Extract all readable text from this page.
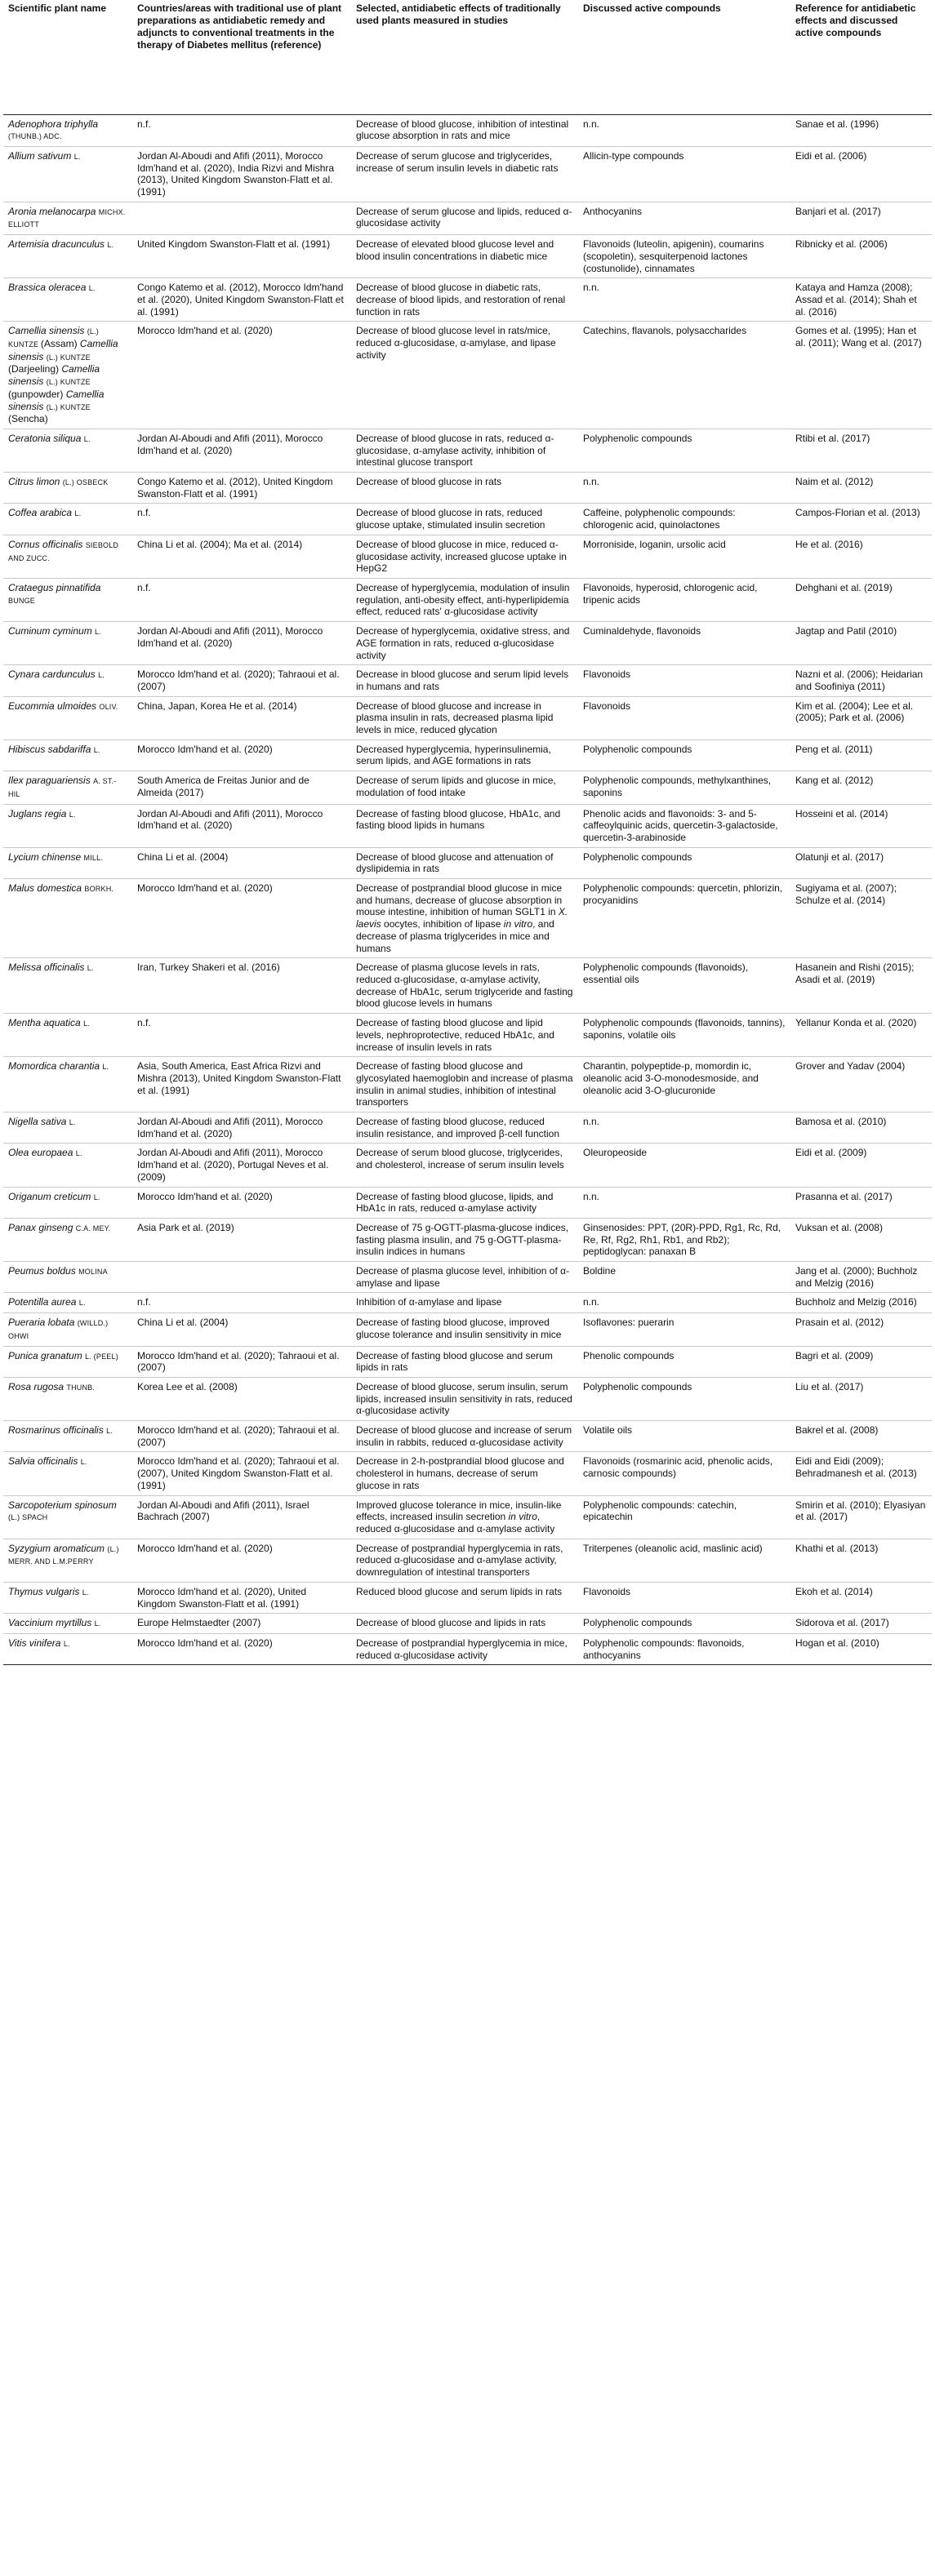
Scientific plant name	Countries/areas with traditional use of plant preparations as antidiabetic remedy and adjuncts to conventional treatments in the therapy of Diabetes mellitus (reference)	Selected, antidiabetic effects of traditionally used plants measured in studies	Discussed active compounds	Reference for antidiabetic effects and discussed active compounds
Adenophora triphylla (THUNB.) ADC.	n.f.	Decrease of blood glucose, inhibition of intestinal glucose absorption in rats and mice	n.n.	Sanae et al. (1996)
Allium sativum L.	Jordan Al-Aboudi and Afifi (2011), Morocco Idm'hand et al. (2020), India Rizvi and Mishra (2013), United Kingdom Swanston-Flatt et al. (1991)	Decrease of serum glucose and triglycerides, increase of serum insulin levels in diabetic rats	Allicin-type compounds	Eidi et al. (2006)
Aronia melanocarpa MICHX. ELLIOTT		Decrease of serum glucose and lipids, reduced α-glucosidase activity	Anthocyanins	Banjari et al. (2017)
Artemisia dracunculus L.	United Kingdom Swanston-Flatt et al. (1991)	Decrease of elevated blood glucose level and blood insulin concentrations in diabetic mice	Flavonoids (luteolin, apigenin), coumarins (scopoletin), sesquiterpenoid lactones (costunolide), cinnamates	Ribnicky et al. (2006)
Brassica oleracea L.	Congo Katemo et al. (2012), Morocco Idm'hand et al. (2020), United Kingdom Swanston-Flatt et al. (1991)	Decrease of blood glucose in diabetic rats, decrease of blood lipids, and restoration of renal function in rats	n.n.	Kataya and Hamza (2008); Assad et al. (2014); Shah et al. (2016)
Camellia sinensis (L.) KUNTZE (Assam) Camellia sinensis (L.) KUNTZE (Darjeeling) Camellia sinensis (L.) KUNTZE (gunpowder) Camellia sinensis (L.) KUNTZE (Sencha)	Morocco Idm'hand et al. (2020)	Decrease of blood glucose level in rats/mice, reduced α-glucosidase, α-amylase, and lipase activity	Catechins, flavanols, polysaccharides	Gomes et al. (1995); Han et al. (2011); Wang et al. (2017)
Ceratonia siliqua L.	Jordan Al-Aboudi and Afifi (2011), Morocco Idm'hand et al. (2020)	Decrease of blood glucose in rats, reduced α-glucosidase, α-amylase activity, inhibition of intestinal glucose transport	Polyphenolic compounds	Rtibi et al. (2017)
Citrus limon (L.) OSBECK	Congo Katemo et al. (2012), United Kingdom Swanston-Flatt et al. (1991)	Decrease of blood glucose in rats	n.n.	Naim et al. (2012)
Coffea arabica L.	n.f.	Decrease of blood glucose in rats, reduced glucose uptake, stimulated insulin secretion	Caffeine, polyphenolic compounds: chlorogenic acid, quinolactones	Campos-Florian et al. (2013)
Cornus officinalis SIEBOLD AND ZUCC.	China Li et al. (2004); Ma et al. (2014)	Decrease of blood glucose in mice, reduced α-glucosidase activity, increased glucose uptake in HepG2	Morroniside, loganin, ursolic acid	He et al. (2016)
Crataegus pinnatifida BUNGE	n.f.	Decrease of hyperglycemia, modulation of insulin regulation, anti-obesity effect, anti-hyperlipidemia effect, reduced rats' α-glucosidase activity	Flavonoids, hyperosid, chlorogenic acid, tripenic acids	Dehghani et al. (2019)
Cuminum cyminum L.	Jordan Al-Aboudi and Afifi (2011), Morocco Idm'hand et al. (2020)	Decrease of hyperglycemia, oxidative stress, and AGE formation in rats, reduced α-glucosidase activity	Cuminaldehyde, flavonoids	Jagtap and Patil (2010)
Cynara cardunculus L.	Morocco Idm'hand et al. (2020); Tahraoui et al. (2007)	Decrease in blood glucose and serum lipid levels in humans and rats	Flavonoids	Nazni et al. (2006); Heidarian and Soofiniya (2011)
Eucommia ulmoides OLIV.	China, Japan, Korea He et al. (2014)	Decrease of blood glucose and increase in plasma insulin in rats, decreased plasma lipid levels in mice, reduced glycation	Flavonoids	Kim et al. (2004); Lee et al. (2005); Park et al. (2006)
Hibiscus sabdariffa L.	Morocco Idm'hand et al. (2020)	Decreased hyperglycemia, hyperinsulinemia, serum lipids, and AGE formations in rats	Polyphenolic compounds	Peng et al. (2011)
Ilex paraguariensis A. ST.-HIL	South America de Freitas Junior and de Almeida (2017)	Decrease of serum lipids and glucose in mice, modulation of food intake	Polyphenolic compounds, methylxanthines, saponins	Kang et al. (2012)
Juglans regia L.	Jordan Al-Aboudi and Afifi (2011), Morocco Idm'hand et al. (2020)	Decrease of fasting blood glucose, HbA1c, and fasting blood lipids in humans	Phenolic acids and flavonoids: 3- and 5-caffeoylquinic acids, quercetin-3-galactoside, quercetin-3-arabinoside	Hosseini et al. (2014)
Lycium chinense MILL.	China Li et al. (2004)	Decrease of blood glucose and attenuation of dyslipidemia in rats	Polyphenolic compounds	Olatunji et al. (2017)
Malus domestica BORKH.	Morocco Idm'hand et al. (2020)	Decrease of postprandial blood glucose in mice and humans, decrease of glucose absorption in mouse intestine, inhibition of human SGLT1 in X. laevis oocytes, inhibition of lipase in vitro, and decrease of plasma triglycerides in mice and humans	Polyphenolic compounds: quercetin, phlorizin, procyanidins	Sugiyama et al. (2007); Schulze et al. (2014)
Melissa officinalis L.	Iran, Turkey Shakeri et al. (2016)	Decrease of plasma glucose levels in rats, reduced α-glucosidase, α-amylase activity, decrease of HbA1c, serum triglyceride and fasting blood glucose levels in humans	Polyphenolic compounds (flavonoids), essential oils	Hasanein and Rishi (2015); Asadi et al. (2019)
Mentha aquatica L.	n.f.	Decrease of fasting blood glucose and lipid levels, nephroprotective, reduced HbA1c, and increase of insulin levels in rats	Polyphenolic compounds (flavonoids, tannins), saponins, volatile oils	Yellanur Konda et al. (2020)
Momordica charantia L.	Asia, South America, East Africa Rizvi and Mishra (2013), United Kingdom Swanston-Flatt et al. (1991)	Decrease of fasting blood glucose and glycosylated haemoglobin and increase of plasma insulin in animal studies, inhibition of intestinal transporters	Charantin, polypeptide-p, momordin ic, oleanolic acid 3-O-monodesmoside, and oleanolic acid 3-O-glucuronide	Grover and Yadav (2004)
Nigella sativa L.	Jordan Al-Aboudi and Afifi (2011), Morocco Idm'hand et al. (2020)	Decrease of fasting blood glucose, reduced insulin resistance, and improved β-cell function	n.n.	Bamosa et al. (2010)
Olea europaea L.	Jordan Al-Aboudi and Afifi (2011), Morocco Idm'hand et al. (2020), Portugal Neves et al. (2009)	Decrease of serum blood glucose, triglycerides, and cholesterol, increase of serum insulin levels	Oleuropeoside	Eidi et al. (2009)
Origanum creticum L.	Morocco Idm'hand et al. (2020)	Decrease of fasting blood glucose, lipids, and HbA1c in rats, reduced α-amylase activity	n.n.	Prasanna et al. (2017)
Panax ginseng C.A. MEY.	Asia Park et al. (2019)	Decrease of 75 g-OGTT-plasma-glucose indices, fasting plasma insulin, and 75 g-OGTT-plasma-insulin indices in humans	Ginsenosides: PPT, (20R)-PPD, Rg1, Rc, Rd, Re, Rf, Rg2, Rh1, Rb1, and Rb2); peptidoglycan: panaxan B	Vuksan et al. (2008)
Peumus boldus MOLINA		Decrease of plasma glucose level, inhibition of α-amylase and lipase	Boldine	Jang et al. (2000); Buchholz and Melzig (2016)
Potentilla aurea L.	n.f.	Inhibition of α-amylase and lipase	n.n.	Buchholz and Melzig (2016)
Pueraria lobata (WILLD.) OHWI	China Li et al. (2004)	Decrease of fasting blood glucose, improved glucose tolerance and insulin sensitivity in mice	Isoflavones: puerarin	Prasain et al. (2012)
Punica granatum L. (PEEL)	Morocco Idm'hand et al. (2020); Tahraoui et al. (2007)	Decrease of fasting blood glucose and serum lipids in rats	Phenolic compounds	Bagri et al. (2009)
Rosa rugosa THUNB.	Korea Lee et al. (2008)	Decrease of blood glucose, serum insulin, serum lipids, increased insulin sensitivity in rats, reduced α-glucosidase activity	Polyphenolic compounds	Liu et al. (2017)
Rosmarinus officinalis L.	Morocco Idm'hand et al. (2020); Tahraoui et al. (2007)	Decrease of blood glucose and increase of serum insulin in rabbits, reduced α-glucosidase activity	Volatile oils	Bakrel et al. (2008)
Salvia officinalis L.	Morocco Idm'hand et al. (2020); Tahraoui et al. (2007), United Kingdom Swanston-Flatt et al. (1991)	Decrease in 2-h-postprandial blood glucose and cholesterol in humans, decrease of serum glucose in rats	Flavonoids (rosmarinic acid, phenolic acids, carnosic compounds)	Eidi and Eidi (2009); Behradmanesh et al. (2013)
Sarcopoterium spinosum (L.) SPACH	Jordan Al-Aboudi and Afifi (2011), Israel Bachrach (2007)	Improved glucose tolerance in mice, insulin-like effects, increased insulin secretion in vitro, reduced α-glucosidase and α-amylase activity	Polyphenolic compounds: catechin, epicatechin	Smirin et al. (2010); Elyasiyan et al. (2017)
Syzygium aromaticum (L.) MERR. AND L.M.PERRY	Morocco Idm'hand et al. (2020)	Decrease of postprandial hyperglycemia in rats, reduced α-glucosidase and α-amylase activity, downregulation of intestinal transporters	Triterpenes (oleanolic acid, maslinic acid)	Khathi et al. (2013)
Thymus vulgaris L.	Morocco Idm'hand et al. (2020), United Kingdom Swanston-Flatt et al. (1991)	Reduced blood glucose and serum lipids in rats	Flavonoids	Ekoh et al. (2014)
Vaccinium myrtillus L.	Europe Helmstaedter (2007)	Decrease of blood glucose and lipids in rats	Polyphenolic compounds	Sidorova et al. (2017)
Vitis vinifera L.	Morocco Idm'hand et al. (2020)	Decrease of postprandial hyperglycemia in mice, reduced α-glucosidase activity	Polyphenolic compounds: flavonoids, anthocyanins	Hogan et al. (2010)
